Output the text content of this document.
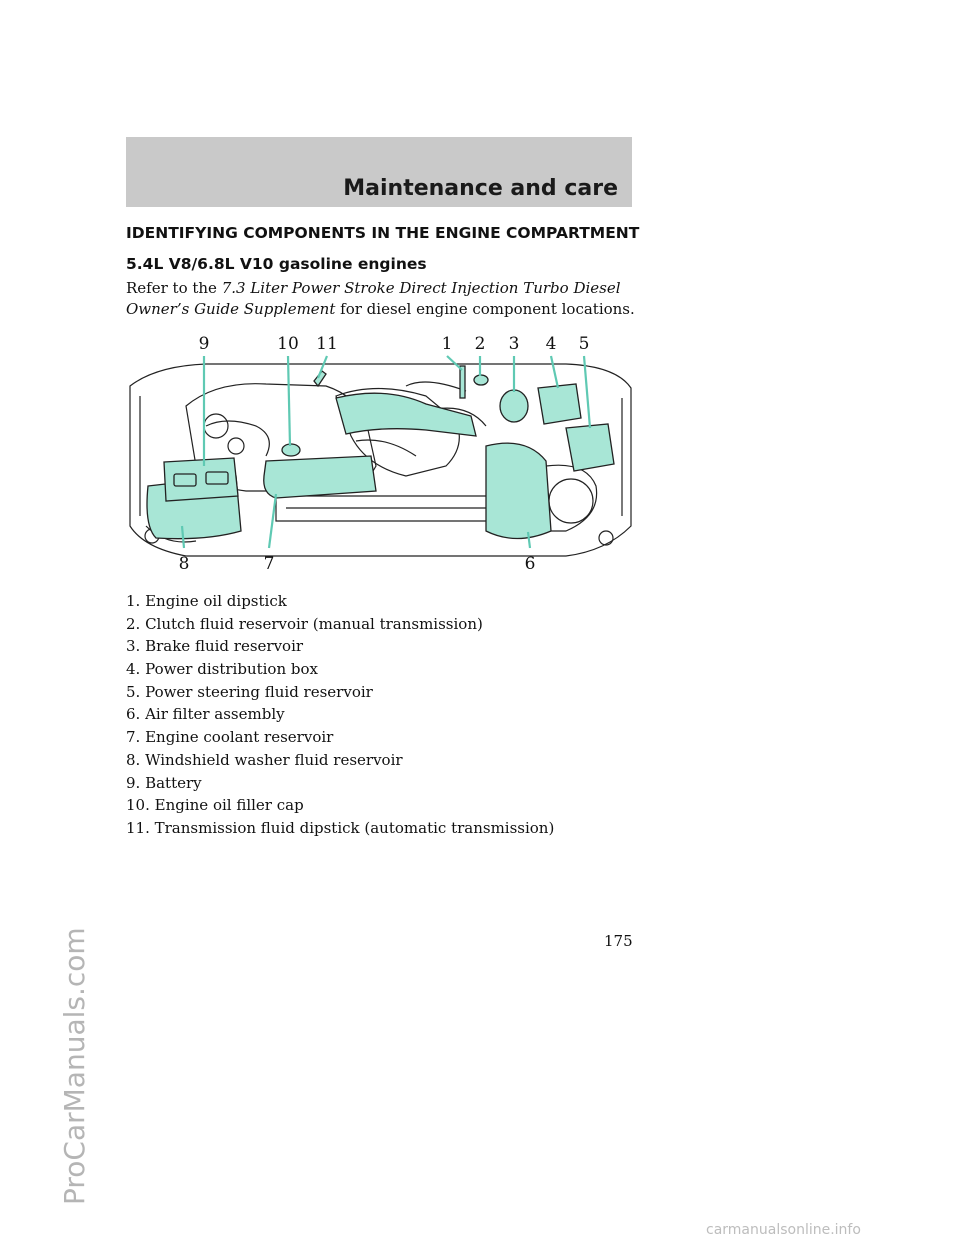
Maintenance and care
ProCarManuals.com
carmanualsonline.info
IDENTIFYING COMPONENTS IN THE ENGINE COMPARTMENT
5.4L V8/6.8L V10 gasoline engines
Refer to the 7.3 Liter Power Stroke Direct Injection Turbo Diesel Owner’s Guide Supplement for diesel engine component locations.
9	10 11	1 2 3 4 5
8	7	6
1. Engine oil dipstick
2. Clutch fluid reservoir (manual transmission)
3. Brake fluid reservoir
4. Power distribution box
5. Power steering fluid reservoir
6. Air filter assembly
7. Engine coolant reservoir
8. Windshield washer fluid reservoir
9. Battery
10. Engine oil filler cap
11. Transmission fluid dipstick (automatic transmission)
175
